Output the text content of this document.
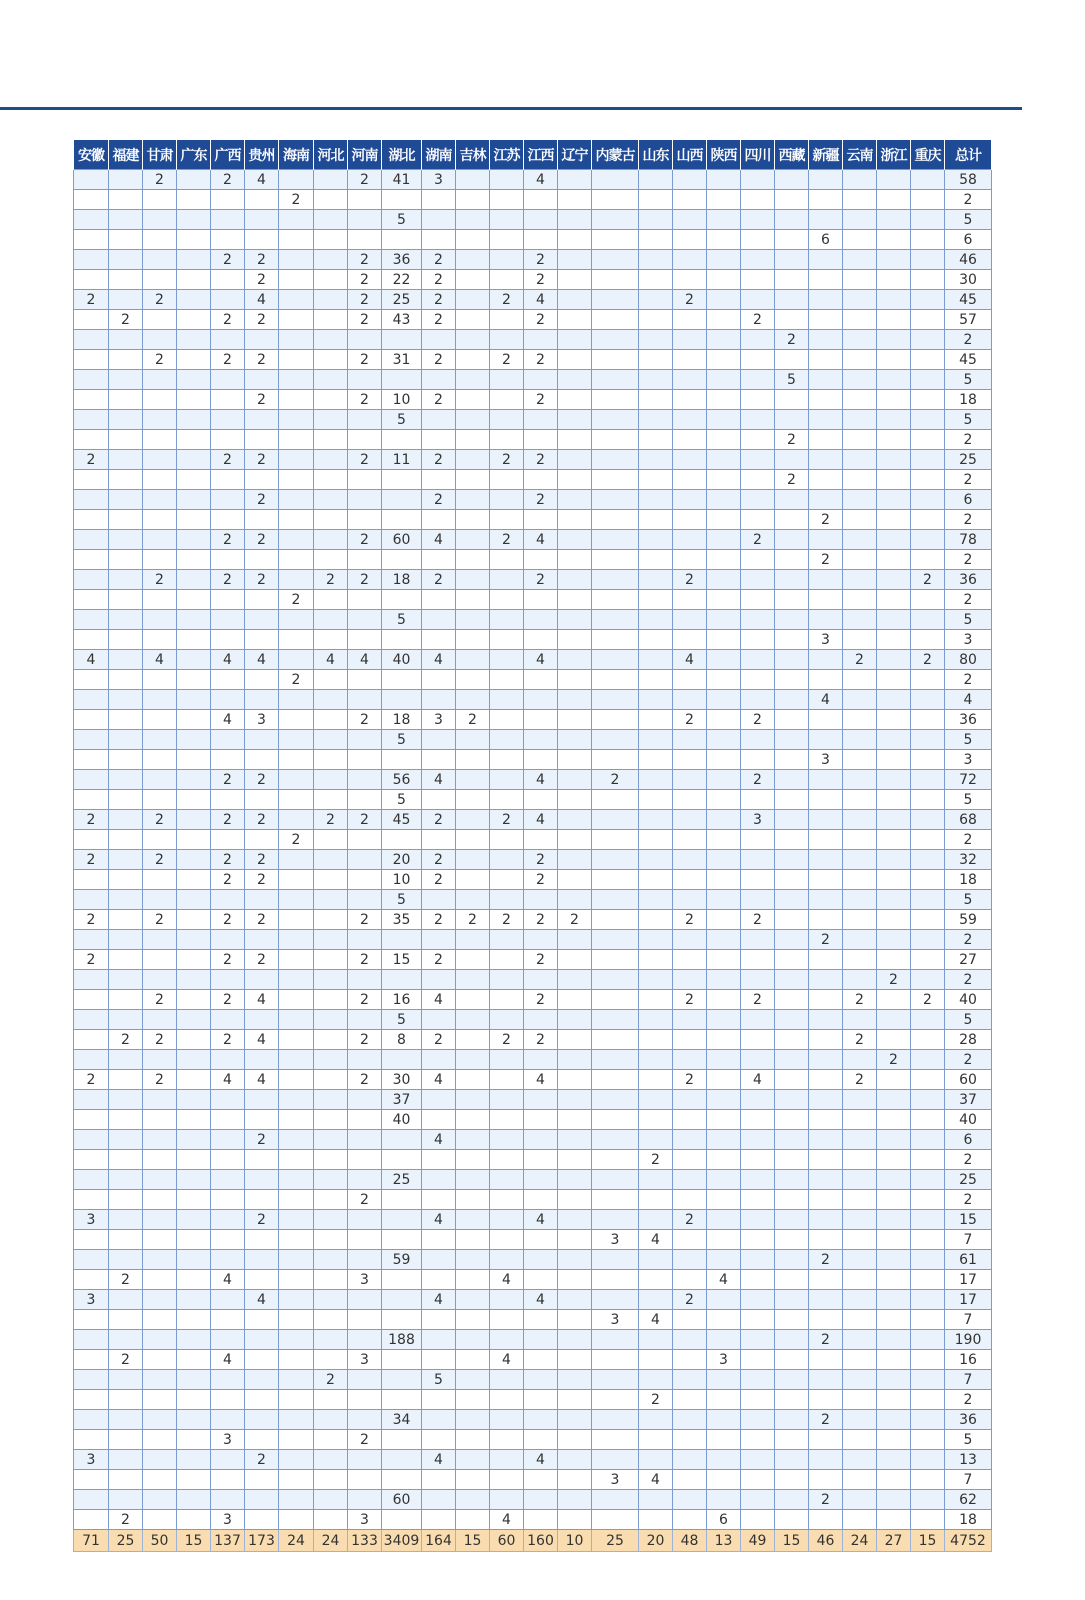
安徽	福建	甘肃	广东	广西	贵州	海南	河北	河南	湖北	湖南	吉林	江苏	江西	辽宁	内蒙古	山东	山西	陕西	四川	西藏	新疆	云南	浙江	重庆	总计
		2		2	4			2	41	3			4												58
						2																			2
									5																5
																					6				6
				2	2			2	36	2			2												46
					2			2	22	2			2												30
2		2			4			2	25	2		2	4				2								45
	2			2	2			2	43	2			2						2						57
																				2					2
		2		2	2			2	31	2		2	2												45
																				5					5
					2			2	10	2			2												18
									5																5
																				2					2
2				2	2			2	11	2		2	2												25
																				2					2
					2					2			2												6
																					2				2
				2	2			2	60	4		2	4						2						78
																					2				2
		2		2	2		2	2	18	2			2				2							2	36
						2																			2
									5																5
																					3				3
4		4		4	4		4	4	40	4			4				4					2		2	80
						2																			2
																					4				4
				4	3			2	18	3	2						2		2						36
									5																5
																					3				3
				2	2				56	4			4		2				2						72
									5																5
2		2		2	2		2	2	45	2		2	4						3						68
						2																			2
2		2		2	2				20	2			2												32
				2	2				10	2			2												18
									5																5
2		2		2	2			2	35	2	2	2	2	2			2		2						59
																					2				2
2				2	2			2	15	2			2												27
																							2		2
		2		2	4			2	16	4			2				2		2			2		2	40
									5																5
	2	2		2	4			2	8	2		2	2									2			28
																							2		2
2		2		4	4			2	30	4			4				2		4			2			60
									37																37
									40																40
					2					4															6
																2									2
									25																25
								2																	2
3					2					4			4				2								15
															3	4									7
									59												2				61
	2			4				3				4						4							17
3					4					4			4				2								17
															3	4									7
									188												2				190
	2			4				3				4						3							16
							2			5															7
																2									2
									34												2				36
				3				2																	5
3					2					4			4												13
															3	4									7
									60												2				62
	2			3				3				4						6							18
71	25	50	15	137	173	24	24	133	3409	164	15	60	160	10	25	20	48	13	49	15	46	24	27	15	4752
